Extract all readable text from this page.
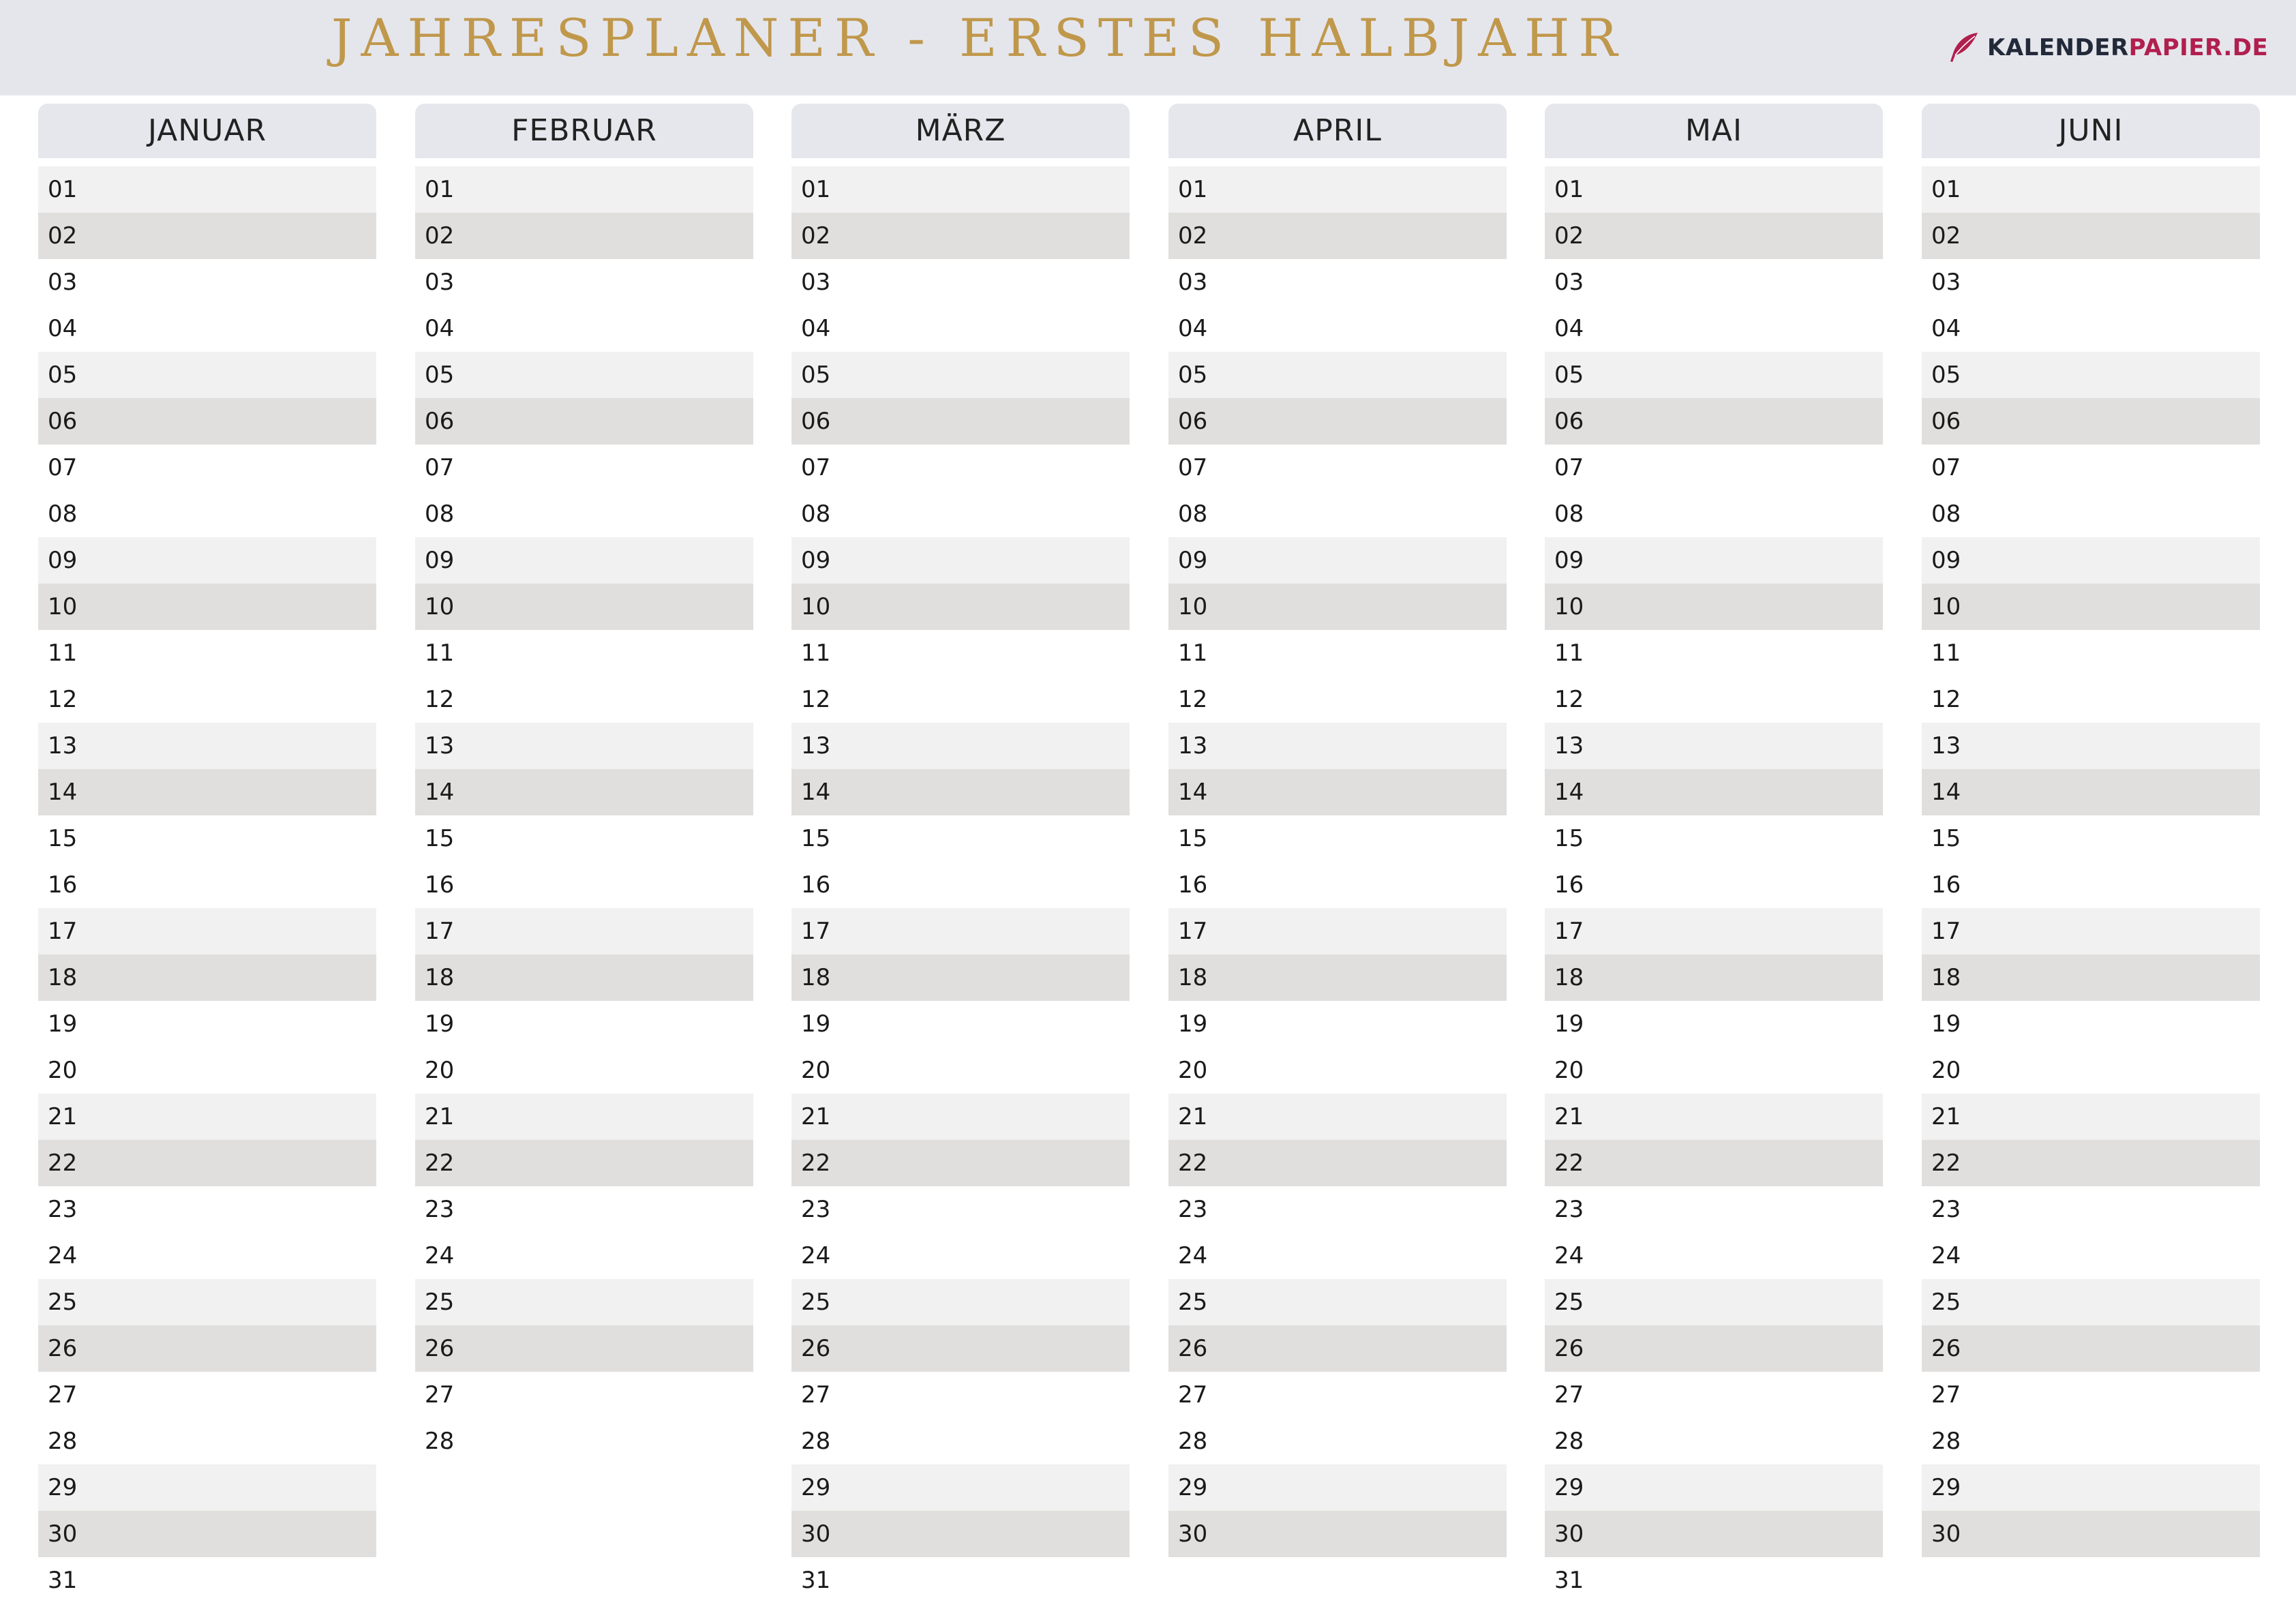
JAHRESPLANER - ERSTES HALBJAHR	KALENDERPAPIER.DE
JANUAR
01
02
03
04
05
06
07
08
09
10
11
12
13
14
15
16
17
18
19
20
21
22
23
24
25
26
27
28
29
30
31
FEBRUAR
01
02
03
04
05
06
07
08
09
10
11
12
13
14
15
16
17
18
19
20
21
22
23
24
25
26
27
28
MÄRZ
01
02
03
04
05
06
07
08
09
10
11
12
13
14
15
16
17
18
19
20
21
22
23
24
25
26
27
28
29
30
31
APRIL
01
02
03
04
05
06
07
08
09
10
11
12
13
14
15
16
17
18
19
20
21
22
23
24
25
26
27
28
29
30
MAI
01
02
03
04
05
06
07
08
09
10
11
12
13
14
15
16
17
18
19
20
21
22
23
24
25
26
27
28
29
30
31
JUNI
01
02
03
04
05
06
07
08
09
10
11
12
13
14
15
16
17
18
19
20
21
22
23
24
25
26
27
28
29
30
